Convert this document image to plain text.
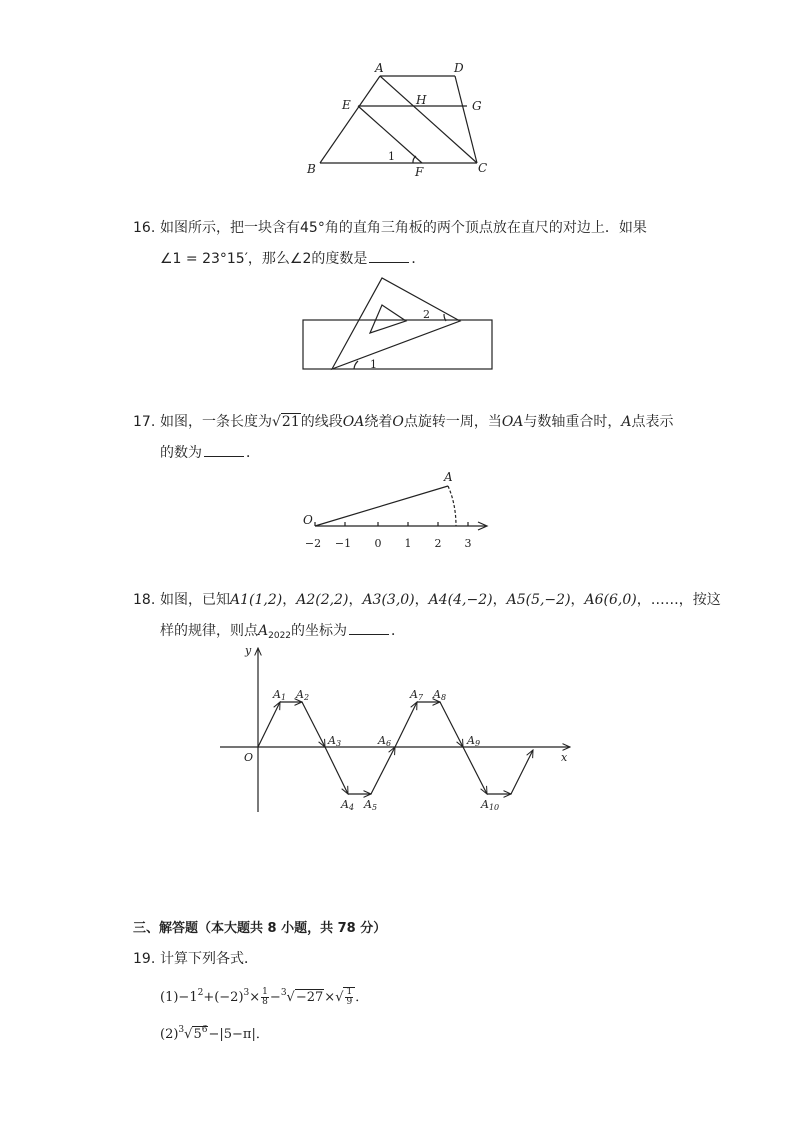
A	D
E	H	G
B	F	C
1
16. 如图所示，把一块含有45°角的直角三角板的两个顶点放在直尺的对边上．如果
∠1 = 23°15′，那么∠2的度数是	．
2
1
17. 如图，一条长度为√21的线段OA绕着O点旋转一周，当OA与数轴重合时，A点表示
的数为	．
A
O
−2 −1 0 1 2 3
18. 如图，已知A1(1,2)，A2(2,2)，A3(3,0)，A4(4,−2)，A5(5,−2)，A6(6,0)，……，按这
样的规律，则点$A_{2022}$的坐标为	．
y
x
O
A1 A2
A3
A4 A5
A6
A7 A8
A9
A10
三、解答题（本大题共 8 小题，共 78 分）
19. 计算下列各式．
$(1)-1^2+(-2)^3\times \frac{1}{8} -^3√-27\times√ \frac{1}{9}$ ．
$(2)^3√5^6-|5-\pi|$．
